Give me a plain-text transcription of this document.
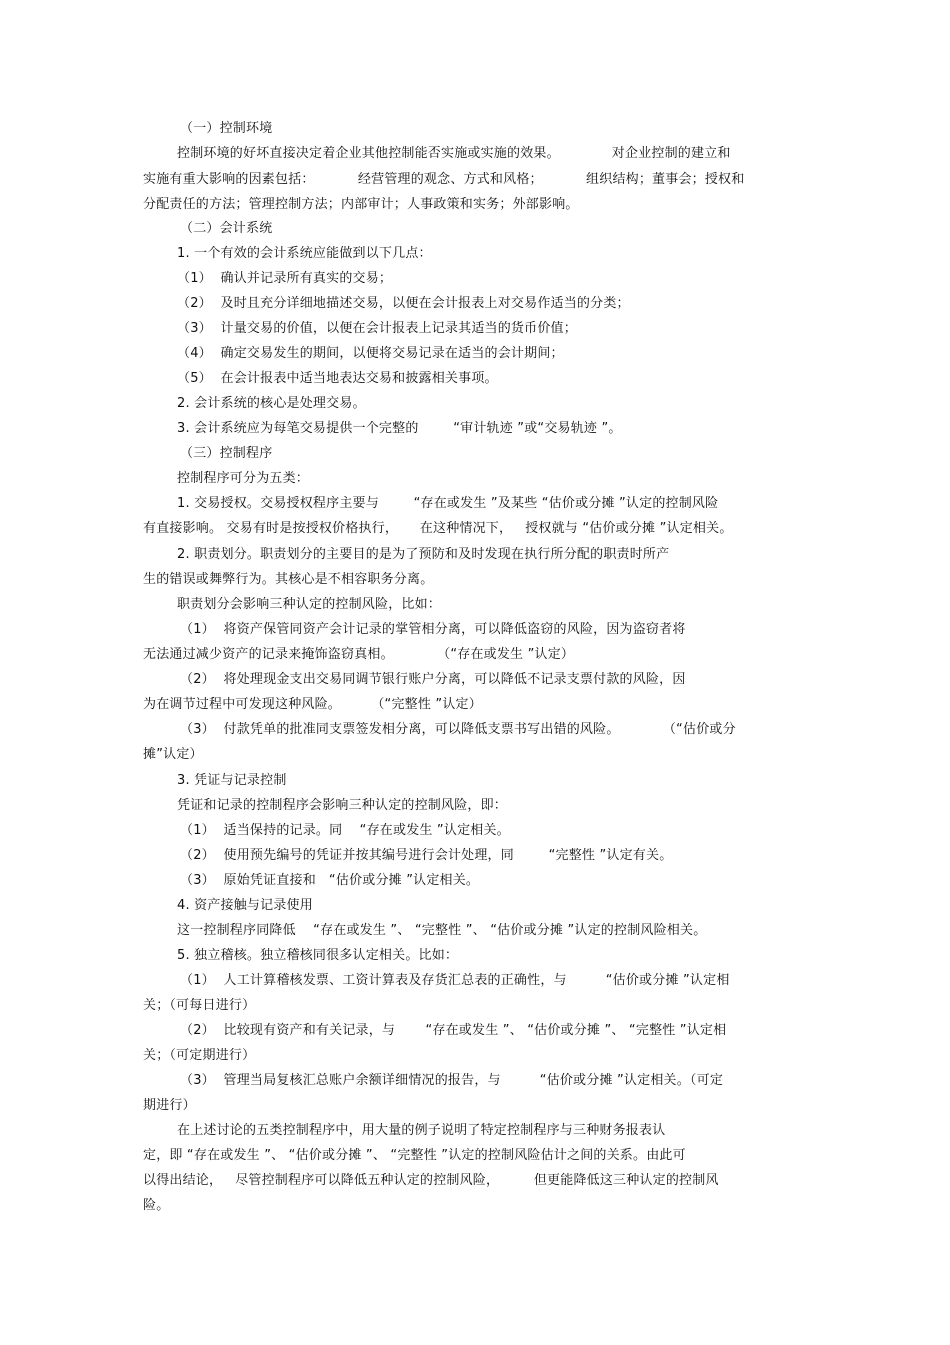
（一）控制环境
控制环境的好坏直接决定着企业其他控制能否实施或实施的效果。            对企业控制的建立和
实施有重大影响的因素包括：          经营管理的观念、方式和风格；          组织结构；董事会；授权和
分配责任的方法；管理控制方法；内部审计；人事政策和实务；外部影响。
（二）会计系统
1. 一个有效的会计系统应能做到以下几点：
（1）  确认并记录所有真实的交易；
（2）  及时且充分详细地描述交易，以便在会计报表上对交易作适当的分类；
（3）  计量交易的价值，以便在会计报表上记录其适当的货币价值；
（4）  确定交易发生的期间，以便将交易记录在适当的会计期间；
（5）  在会计报表中适当地表达交易和披露相关事项。
2. 会计系统的核心是处理交易。
3. 会计系统应为每笔交易提供一个完整的        “审计轨迹 ”或“交易轨迹 ”。
（三）控制程序
控制程序可分为五类：
1. 交易授权。交易授权程序主要与        “存在或发生 ”及某些 “估价或分摊 ”认定的控制风险
有直接影响。 交易有时是按授权价格执行，     在这种情况下，   授权就与 “估价或分摊 ”认定相关。
2. 职责划分。职责划分的主要目的是为了预防和及时发现在执行所分配的职责时所产
生的错误或舞弊行为。其核心是不相容职务分离。
职责划分会影响三种认定的控制风险，比如：
（1）  将资产保管同资产会计记录的掌管相分离，可以降低盗窃的风险，因为盗窃者将
无法通过减少资产的记录来掩饰盗窃真相。          （“存在或发生 ”认定）
（2）  将处理现金支出交易同调节银行账户分离，可以降低不记录支票付款的风险，因
为在调节过程中可发现这种风险。       （“完整性 ”认定）
（3）  付款凭单的批准同支票签发相分离，可以降低支票书写出错的风险。          （“估价或分
摊”认定）
3. 凭证与记录控制
凭证和记录的控制程序会影响三种认定的控制风险，即：
（1）  适当保持的记录。同    “存在或发生 ”认定相关。
（2）  使用预先编号的凭证并按其编号进行会计处理，同        “完整性 ”认定有关。
（3）  原始凭证直接和   “估价或分摊 ”认定相关。
4. 资产接触与记录使用
这一控制程序同降低    “存在或发生 ”、 “完整性 ”、 “估价或分摊 ”认定的控制风险相关。
5. 独立稽核。独立稽核同很多认定相关。比如：
（1）  人工计算稽核发票、工资计算表及存货汇总表的正确性，与         “估价或分摊 ”认定相
关；（可每日进行）
（2）  比较现有资产和有关记录，与       “存在或发生 ”、 “估价或分摊 ”、 “完整性 ”认定相
关；（可定期进行）
（3）  管理当局复核汇总账户余额详细情况的报告，与         “估价或分摊 ”认定相关。（可定
期进行）
在上述讨论的五类控制程序中，用大量的例子说明了特定控制程序与三种财务报表认
定，即 “存在或发生 ”、 “估价或分摊 ”、 “完整性 ”认定的控制风险估计之间的关系。由此可
以得出结论，   尽管控制程序可以降低五种认定的控制风险，        但更能降低这三种认定的控制风
险。
